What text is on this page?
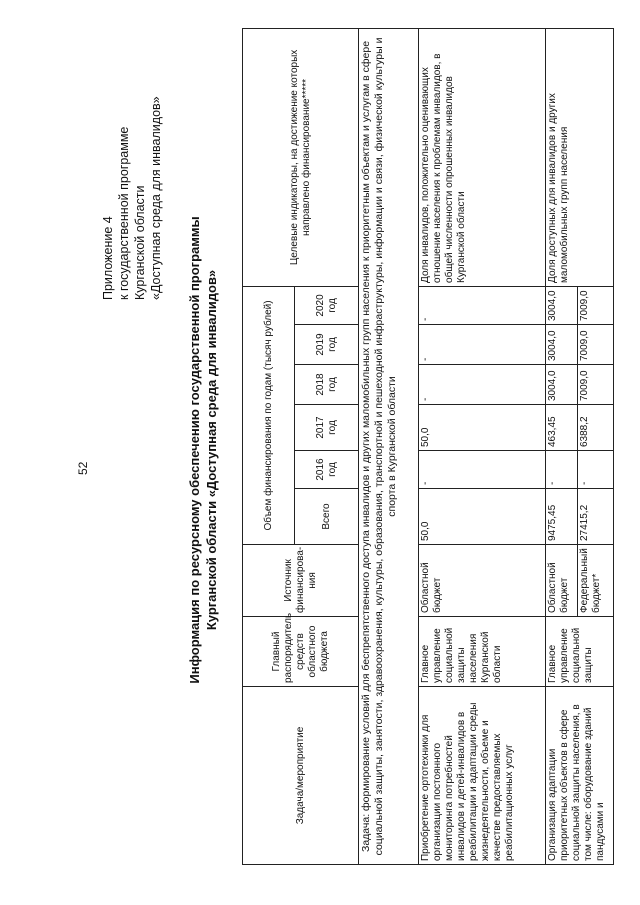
52
Приложение 4 к государственной программе Курганской области «Доступная среда для инвалидов»
Информация по ресурсному обеспечению государственной программы Курганской области «Доступная среда для инвалидов»
Задача/мероприятие	Главный распорядитель средств областного бюджета	Источник финансирова-ния	Объем финансирования по годам (тысяч рублей)						Целевые индикаторы, на достижение которых направлено финансирование*****
			Всего	2016 год	2017 год	2018 год	2019 год	2020 год	
Задача: формирование условий для беспрепятственного доступа инвалидов и других маломобильных групп населения к приоритетным объектам и услугам в сфере социальной защиты, занятости, здравоохранения, культуры, образования, транспортной и пешеходной инфраструктуры, информации и связи, физической культуры и спорта в Курганской области									
Приобретение ортотехники для организации постоянного мониторинга потребностей инвалидов и детей-инвалидов в реабилитации и адаптации среды жизнедеятельности, объеме и качестве предоставляемых реабилитационных услуг	Главное управление социальной защиты населения Курганской области	Областной бюджет	50,0	-	50,0	-	-	-	Доля инвалидов, положительно оценивающих отношение населения к проблемам инвалидов, в общей численности опрошенных инвалидов Курганской области
Организация адаптации приоритетных объектов в сфере социальной защиты населения, в том числе: оборудование зданий пандусами и	Главное управление социальной защиты	Областной бюджет	9475,45	-	463,45	3004,0	3004,0	3004,0	Доля доступных для инвалидов и других маломобильных групп населения
		Федеральный бюджет*	27415,2	-	6388,2	7009,0	7009,0	7009,0	
